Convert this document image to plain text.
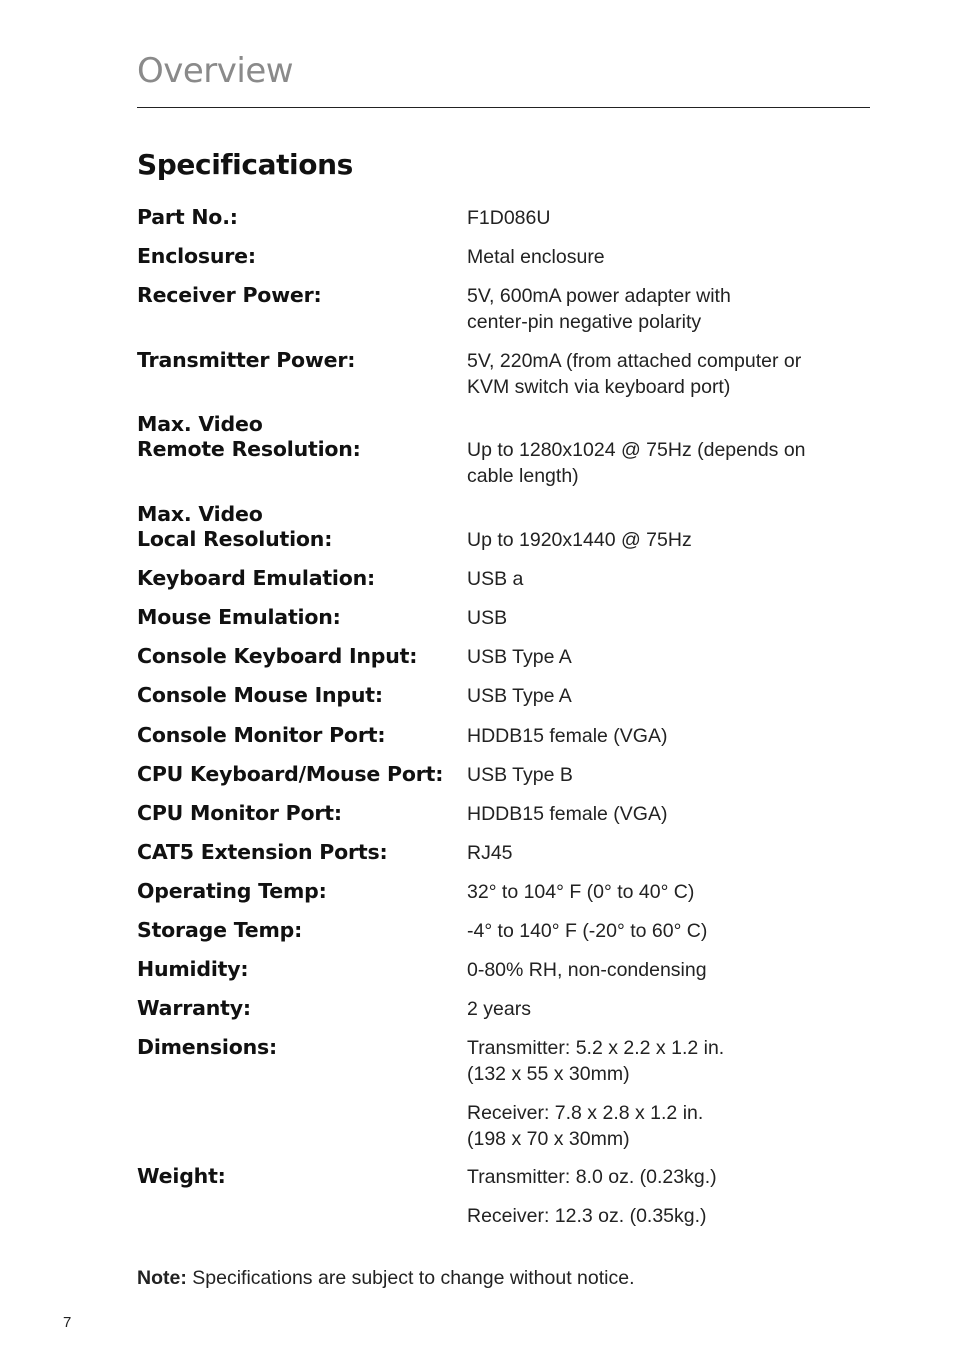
Overview
Specifications
Part No.:	F1D086U
Enclosure:	Metal enclosure
Receiver Power:	5V, 600mA power adapter with
center-pin negative polarity
Transmitter Power:	5V, 220mA (from attached computer or
KVM switch via keyboard port)
Max. Video
Remote Resolution:	Up to 1280x1024 @ 75Hz (depends on
cable length)
Max. Video
Local Resolution:	Up to 1920x1440 @ 75Hz
Keyboard Emulation:	USB a
Mouse Emulation:	USB
Console Keyboard Input:	USB Type A
Console Mouse Input:	USB Type A
Console Monitor Port:	HDDB15 female (VGA)
CPU Keyboard/Mouse Port:	USB Type B
CPU Monitor Port:	HDDB15 female (VGA)
CAT5 Extension Ports:	RJ45
Operating Temp:	32° to 104° F (0° to 40° C)
Storage Temp:	-4° to 140° F (-20° to 60° C)
Humidity:	0-80% RH, non-condensing
Warranty:	2 years
Dimensions:	Transmitter: 5.2 x 2.2 x 1.2 in.
(132 x 55 x 30mm)
Receiver: 7.8 x 2.8 x 1.2 in.
(198 x 70 x 30mm)
Weight:	Transmitter: 8.0 oz. (0.23kg.)
Receiver: 12.3 oz. (0.35kg.)
Note: Specifications are subject to change without notice.
7
